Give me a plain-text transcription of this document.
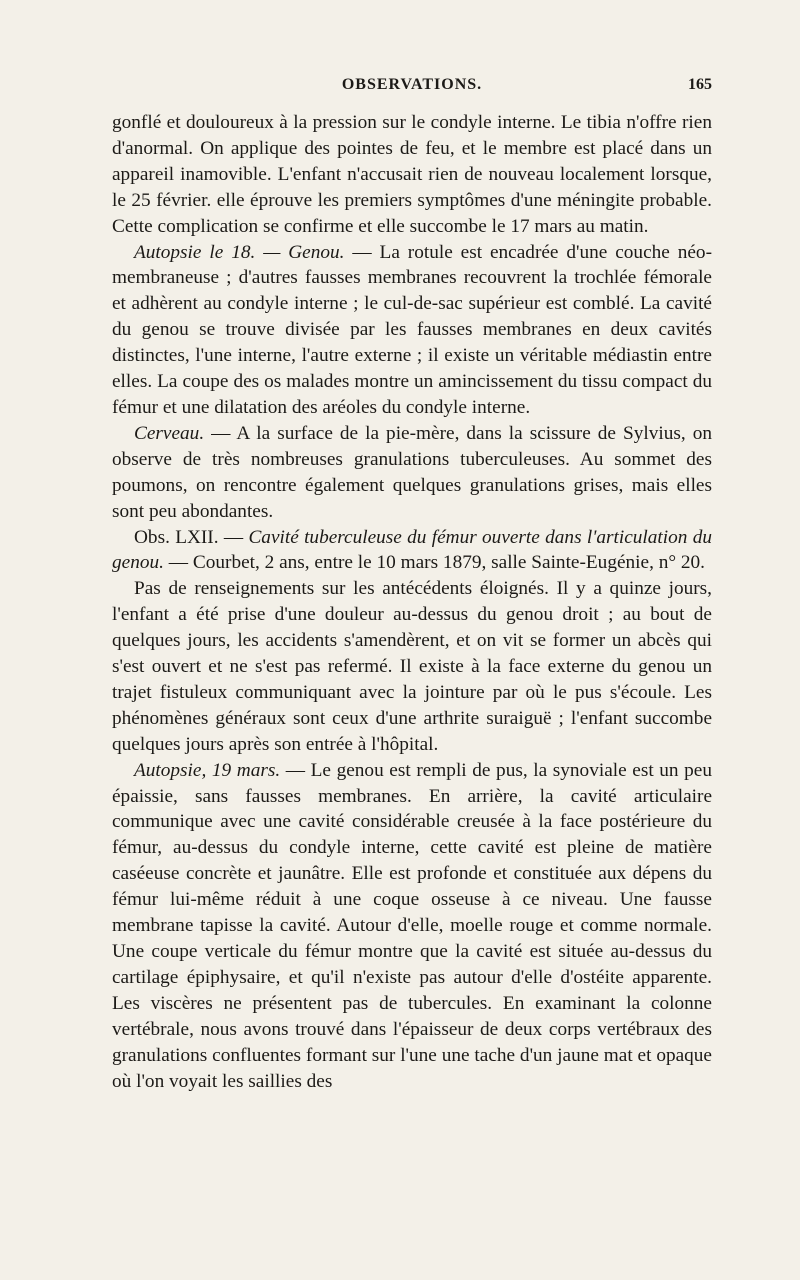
OBSERVATIONS.	165

gonflé et douloureux à la pression sur le condyle interne. Le tibia n'offre rien d'anormal. On applique des pointes de feu, et le membre est placé dans un appareil inamovible. L'enfant n'accusait rien de nouveau localement lorsque, le 25 février. elle éprouve les premiers symptômes d'une méningite probable. Cette complication se confirme et elle succombe le 17 mars au matin.

Autopsie le 18. — Genou. — La rotule est encadrée d'une couche néo-membraneuse ; d'autres fausses membranes recouvrent la trochlée fémorale et adhèrent au condyle interne ; le cul-de-sac supérieur est comblé. La cavité du genou se trouve divisée par les fausses membranes en deux cavités distinctes, l'une interne, l'autre externe ; il existe un véritable médiastin entre elles. La coupe des os malades montre un amincissement du tissu compact du fémur et une dilatation des aréoles du condyle interne.

Cerveau. — A la surface de la pie-mère, dans la scissure de Sylvius, on observe de très nombreuses granulations tuberculeuses. Au sommet des poumons, on rencontre également quelques granulations grises, mais elles sont peu abondantes.

Obs. LXII. — Cavité tuberculeuse du fémur ouverte dans l'articulation du genou. — Courbet, 2 ans, entre le 10 mars 1879, salle Sainte-Eugénie, n° 20.

Pas de renseignements sur les antécédents éloignés. Il y a quinze jours, l'enfant a été prise d'une douleur au-dessus du genou droit ; au bout de quelques jours, les accidents s'amendèrent, et on vit se former un abcès qui s'est ouvert et ne s'est pas refermé. Il existe à la face externe du genou un trajet fistuleux communiquant avec la jointure par où le pus s'écoule. Les phénomènes généraux sont ceux d'une arthrite suraiguë ; l'enfant succombe quelques jours après son entrée à l'hôpital.

Autopsie, 19 mars. — Le genou est rempli de pus, la synoviale est un peu épaissie, sans fausses membranes. En arrière, la cavité articulaire communique avec une cavité considérable creusée à la face postérieure du fémur, au-dessus du condyle interne, cette cavité est pleine de matière caséeuse concrète et jaunâtre. Elle est profonde et constituée aux dépens du fémur lui-même réduit à une coque osseuse à ce niveau. Une fausse membrane tapisse la cavité. Autour d'elle, moelle rouge et comme normale. Une coupe verticale du fémur montre que la cavité est située au-dessus du cartilage épiphysaire, et qu'il n'existe pas autour d'elle d'ostéite apparente. Les viscères ne présentent pas de tubercules. En examinant la colonne vertébrale, nous avons trouvé dans l'épaisseur de deux corps vertébraux des granulations confluentes formant sur l'une une tache d'un jaune mat et opaque où l'on voyait les saillies des
